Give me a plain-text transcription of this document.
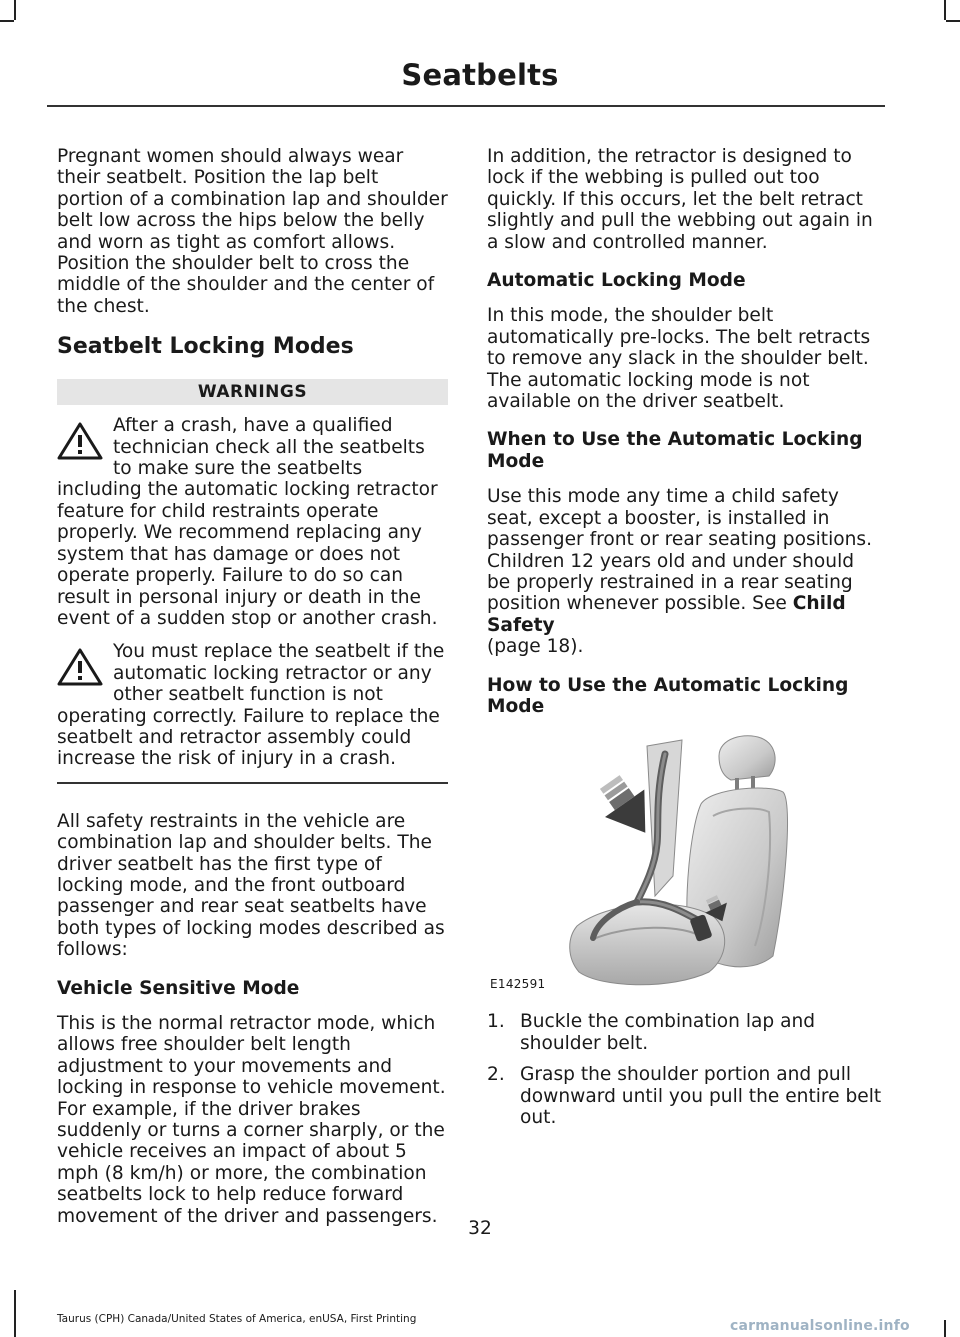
Seatbelts

Pregnant women should always wear their seatbelt. Position the lap belt portion of a combination lap and shoulder belt low across the hips below the belly and worn as tight as comfort allows. Position the shoulder belt to cross the middle of the shoulder and the center of the chest.

Seatbelt Locking Modes
WARNINGS

After a crash, have a qualified technician check all the seatbelts to make sure the seatbelts including the automatic locking retractor feature for child restraints operate properly. We recommend replacing any system that has damage or does not operate properly. Failure to do so can result in personal injury or death in the event of a sudden stop or another crash.

You must replace the seatbelt if the automatic locking retractor or any other seatbelt function is not operating correctly. Failure to replace the seatbelt and retractor assembly could increase the risk of injury in a crash.

All safety restraints in the vehicle are combination lap and shoulder belts. The driver seatbelt has the first type of locking mode, and the front outboard passenger and rear seat seatbelts have both types of locking modes described as follows:

Vehicle Sensitive Mode

This is the normal retractor mode, which allows free shoulder belt length adjustment to your movements and locking in response to vehicle movement. For example, if the driver brakes suddenly or turns a corner sharply, or the vehicle receives an impact of about 5 mph (8 km/h) or more, the combination seatbelts lock to help reduce forward movement of the driver and passengers.

In addition, the retractor is designed to lock if the webbing is pulled out too quickly. If this occurs, let the belt retract slightly and pull the webbing out again in a slow and controlled manner.

Automatic Locking Mode

In this mode, the shoulder belt automatically pre-locks. The belt retracts to remove any slack in the shoulder belt. The automatic locking mode is not available on the driver seatbelt.

When to Use the Automatic Locking Mode

Use this mode any time a child safety seat, except a booster, is installed in passenger front or rear seating positions. Children 12 years old and under should be properly restrained in a rear seating position whenever possible. See Child Safety
(page 18).

How to Use the Automatic Locking Mode
E142591
1. Buckle the combination lap and shoulder belt.
2. Grasp the shoulder portion and pull downward until you pull the entire belt out.
32
Taurus (CPH) Canada/United States of America, enUSA, First Printing	carmanualsonline.info
